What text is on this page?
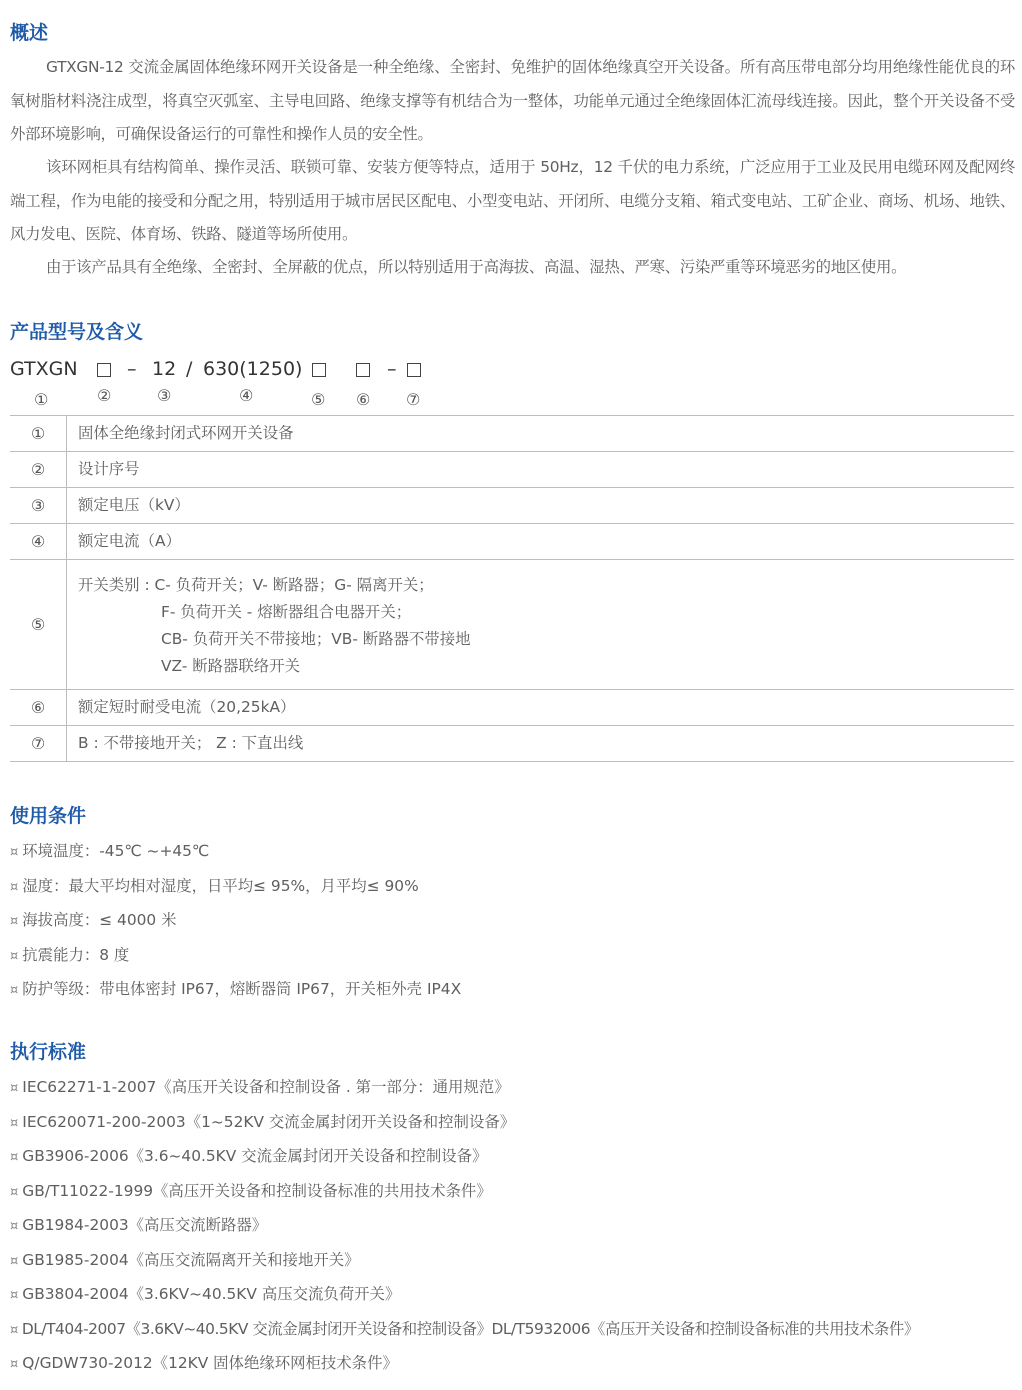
概述

GTXGN-12 交流金属固体绝缘环网开关设备是一种全绝缘、全密封、免维护的固体绝缘真空开关设备。所有高压带电部分均用绝缘性能优良的环氧树脂材料浇注成型，将真空灭弧室、主导电回路、绝缘支撑等有机结合为一整体，功能单元通过全绝缘固体汇流母线连接。因此，整个开关设备不受外部环境影响，可确保设备运行的可靠性和操作人员的安全性。

该环网柜具有结构简单、操作灵活、联锁可靠、安装方便等特点，适用于 50Hz，12 千伏的电力系统，广泛应用于工业及民用电缆环网及配网终端工程，作为电能的接受和分配之用，特别适用于城市居民区配电、小型变电站、开闭所、电缆分支箱、箱式变电站、工矿企业、商场、机场、地铁、风力发电、医院、体育场、铁路、隧道等场所使用。

由于该产品具有全绝缘、全密封、全屏蔽的优点，所以特别适用于高海拔、高温、湿热、严寒、污染严重等环境恶劣的地区使用。

产品型号及含义
GTXGN	– 12 / 630(1250)	–
①	②	③	④	⑤ ⑥ ⑦
①	固体全绝缘封闭式环网开关设备
②	设计序号
③	额定电压（kV）
④	额定电流（A）
⑤
开关类别 : C- 负荷开关；V- 断路器；G- 隔离开关；
F- 负荷开关 - 熔断器组合电器开关；
CB- 负荷开关不带接地；VB- 断路器不带接地
VZ- 断路器联络开关
⑥	额定短时耐受电流（20,25kA）
⑦	B : 不带接地开关； Z : 下直出线
使用条件
¤ 环境温度：-45℃ ~+45℃
¤ 湿度：最大平均相对湿度，日平均≤ 95%，月平均≤ 90%
¤ 海拔高度：≤ 4000 米
¤ 抗震能力：8 度
¤ 防护等级：带电体密封 IP67，熔断器筒 IP67，开关柜外壳 IP4X
执行标准
¤ IEC62271-1-2007《高压开关设备和控制设备 . 第一部分：通用规范》
¤ IEC620071-200-2003《1~52KV 交流金属封闭开关设备和控制设备》
¤ GB3906-2006《3.6~40.5KV 交流金属封闭开关设备和控制设备》
¤ GB/T11022-1999《高压开关设备和控制设备标准的共用技术条件》
¤ GB1984-2003《高压交流断路器》
¤ GB1985-2004《高压交流隔离开关和接地开关》
¤ GB3804-2004《3.6KV~40.5KV 高压交流负荷开关》
¤ DL/T404-2007《3.6KV~40.5KV 交流金属封闭开关设备和控制设备》DL/T5932006《高压开关设备和控制设备标准的共用技术条件》
¤ Q/GDW730-2012《12KV 固体绝缘环网柜技术条件》
